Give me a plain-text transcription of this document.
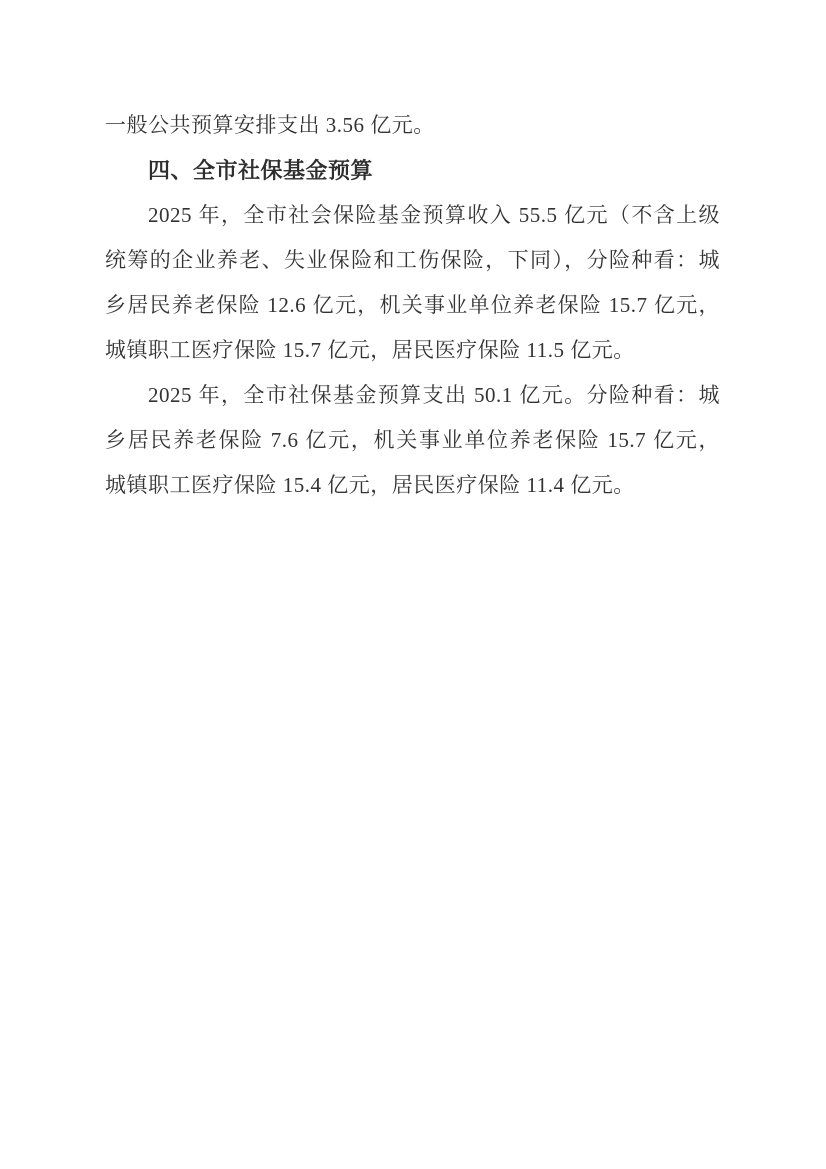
一般公共预算安排支出 3.56 亿元。
四、全市社保基金预算
2025 年，全市社会保险基金预算收入 55.5 亿元（不含上级
统筹的企业养老、失业保险和工伤保险，下同），分险种看：城
乡居民养老保险 12.6 亿元，机关事业单位养老保险 15.7 亿元，
城镇职工医疗保险 15.7 亿元，居民医疗保险 11.5 亿元。
2025 年，全市社保基金预算支出 50.1 亿元。分险种看：城
乡居民养老保险 7.6 亿元，机关事业单位养老保险 15.7 亿元，
城镇职工医疗保险 15.4 亿元，居民医疗保险 11.4 亿元。
